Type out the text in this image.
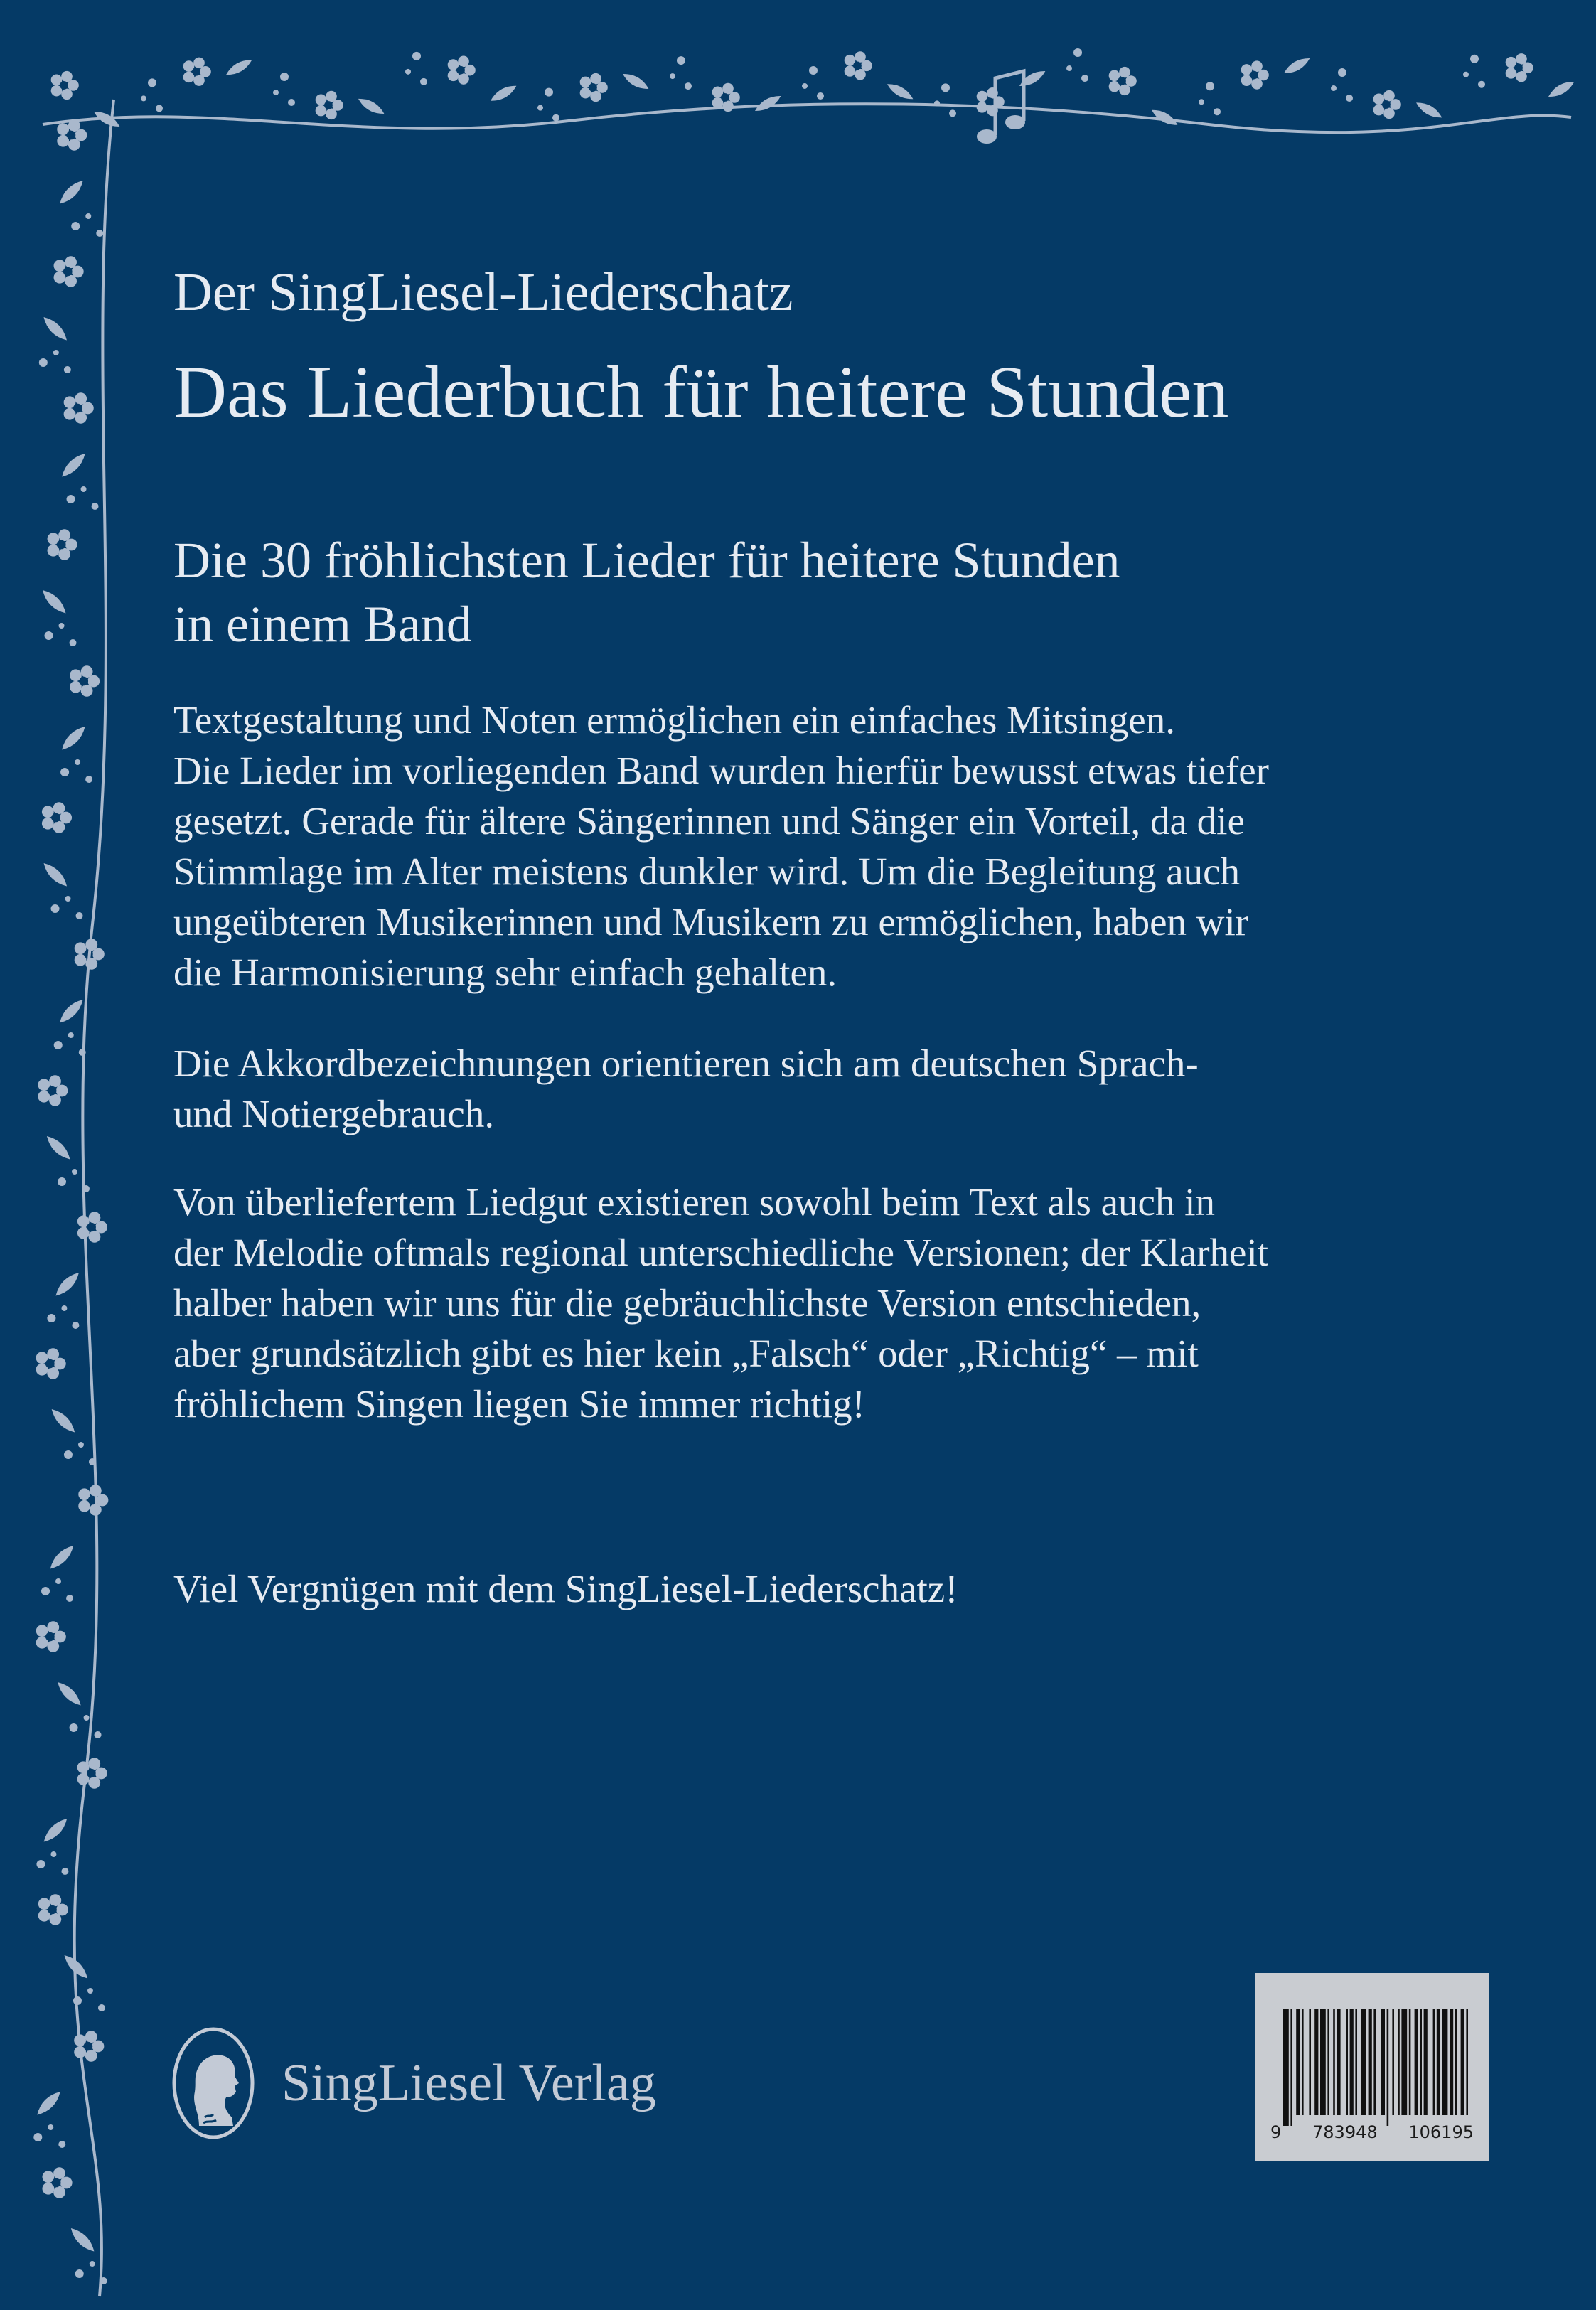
Der SingLiesel-Liederschatz
Das Liederbuch für heitere Stunden
Die 30 fröhlichsten Lieder für heitere Stunden
in einem Band
Textgestaltung und Noten ermöglichen ein einfaches Mitsingen.
Die Lieder im vorliegenden Band wurden hierfür bewusst etwas tiefer
gesetzt. Gerade für ältere Sängerinnen und Sänger ein Vorteil, da die
Stimmlage im Alter meistens dunkler wird. Um die Begleitung auch
ungeübteren Musikerinnen und Musikern zu ermöglichen, haben wir
die Harmonisierung sehr einfach gehalten.
Die Akkordbezeichnungen orientieren sich am deutschen Sprach-
und Notiergebrauch.
Von überliefertem Liedgut existieren sowohl beim Text als auch in
der Melodie oftmals regional unterschiedliche Versionen; der Klarheit
halber haben wir uns für die gebräuchlichste Version entschieden,
aber grundsätzlich gibt es hier kein „Falsch“ oder „Richtig“ – mit
fröhlichem Singen liegen Sie immer richtig!
Viel Vergnügen mit dem SingLiesel-Liederschatz!
SingLiesel Verlag
9 783948 106195
